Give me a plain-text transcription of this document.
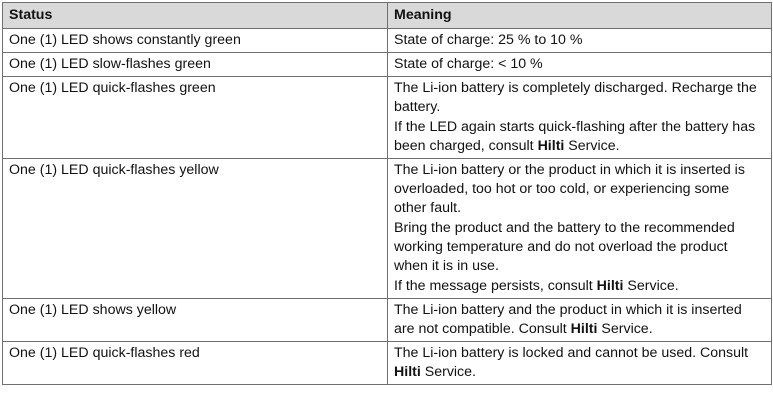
Status	Meaning
One (1) LED shows constantly green	State of charge: 25 % to 10 %

One (1) LED slow-flashes green	State of charge: < 10 %

One (1) LED quick-flashes green	The Li-ion battery is completely discharged. Recharge the battery.
If the LED again starts quick-flashing after the battery has been charged, consult Hilti Service.

One (1) LED quick-flashes yellow	The Li-ion battery or the product in which it is inserted is overloaded, too hot or too cold, or experiencing some other fault.
Bring the product and the battery to the recommended working temperature and do not overload the product when it is in use.
If the message persists, consult Hilti Service.

One (1) LED shows yellow	The Li-ion battery and the product in which it is inserted are not compatible. Consult Hilti Service.

One (1) LED quick-flashes red	The Li-ion battery is locked and cannot be used. Consult Hilti Service.
